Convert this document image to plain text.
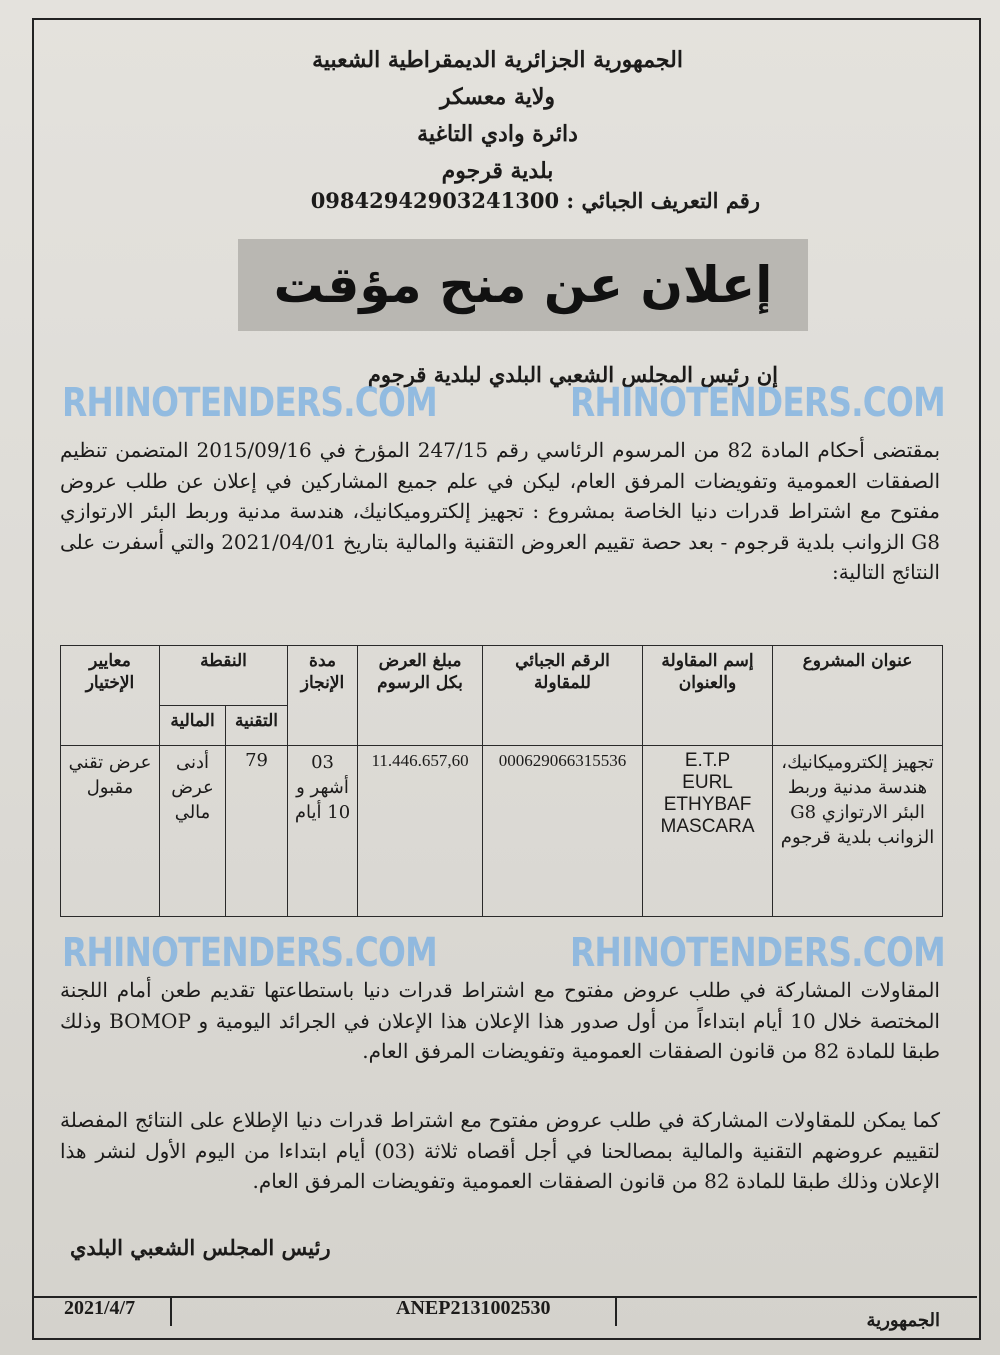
الجمهورية الجزائرية الديمقراطية الشعبية
ولاية معسكر
دائرة وادي التاغية
بلدية قرجوم
رقم التعريف الجبائي : 09842942903241300
إعلان عن منح مؤقت
إن رئيس المجلس الشعبي البلدي لبلدية قرجوم
RHINOTENDERS.COM	RHINOTENDERS.COM
بمقتضى أحكام المادة 82 من المرسوم الرئاسي رقم 247/15 المؤرخ في 2015/09/16 المتضمن تنظيم الصفقات العمومية وتفويضات المرفق العام، ليكن في علم جميع المشاركين في إعلان عن طلب عروض مفتوح مع اشتراط قدرات دنيا الخاصة بمشروع : تجهيز إلكتروميكانيك، هندسة مدنية وربط البئر الارتوازي G8 الزوانب بلدية قرجوم - بعد حصة تقييم العروض التقنية والمالية بتاريخ 2021/04/01 والتي أسفرت على النتائج التالية:
عنوان المشروع	إسم المقاولة والعنوان	الرقم الجبائي للمقاولة	مبلغ العرض بكل الرسوم	مدة الإنجاز	النقطة		معايير الإختيار
					التقنية	المالية	
تجهيز إلكتروميكانيك، هندسة مدنية وربط البئر الارتوازي G8 الزوانب بلدية قرجوم	E.T.P
EURL
ETHYBAF
MASCARA	000629066315536	11.446.657,60	03 أشهر و 10 أيام	79	أدنى عرض مالي	عرض تقني مقبول
RHINOTENDERS.COM	RHINOTENDERS.COM
المقاولات المشاركة في طلب عروض مفتوح مع اشتراط قدرات دنيا باستطاعتها تقديم طعن أمام اللجنة المختصة خلال 10 أيام ابتداءاً من أول صدور هذا الإعلان هذا الإعلان في الجرائد اليومية و BOMOP وذلك طبقا للمادة 82 من قانون الصفقات العمومية وتفويضات المرفق العام.
كما يمكن للمقاولات المشاركة في طلب عروض مفتوح مع اشتراط قدرات دنيا الإطلاع على النتائج المفصلة لتقييم عروضهم التقنية والمالية بمصالحنا في أجل أقصاه ثلاثة (03) أيام ابتداءا من اليوم الأول لنشر هذا الإعلان وذلك طبقا للمادة 82 من قانون الصفقات العمومية وتفويضات المرفق العام.
رئيس المجلس الشعبي البلدي
2021/4/7	ANEP2131002530
الجمهورية
